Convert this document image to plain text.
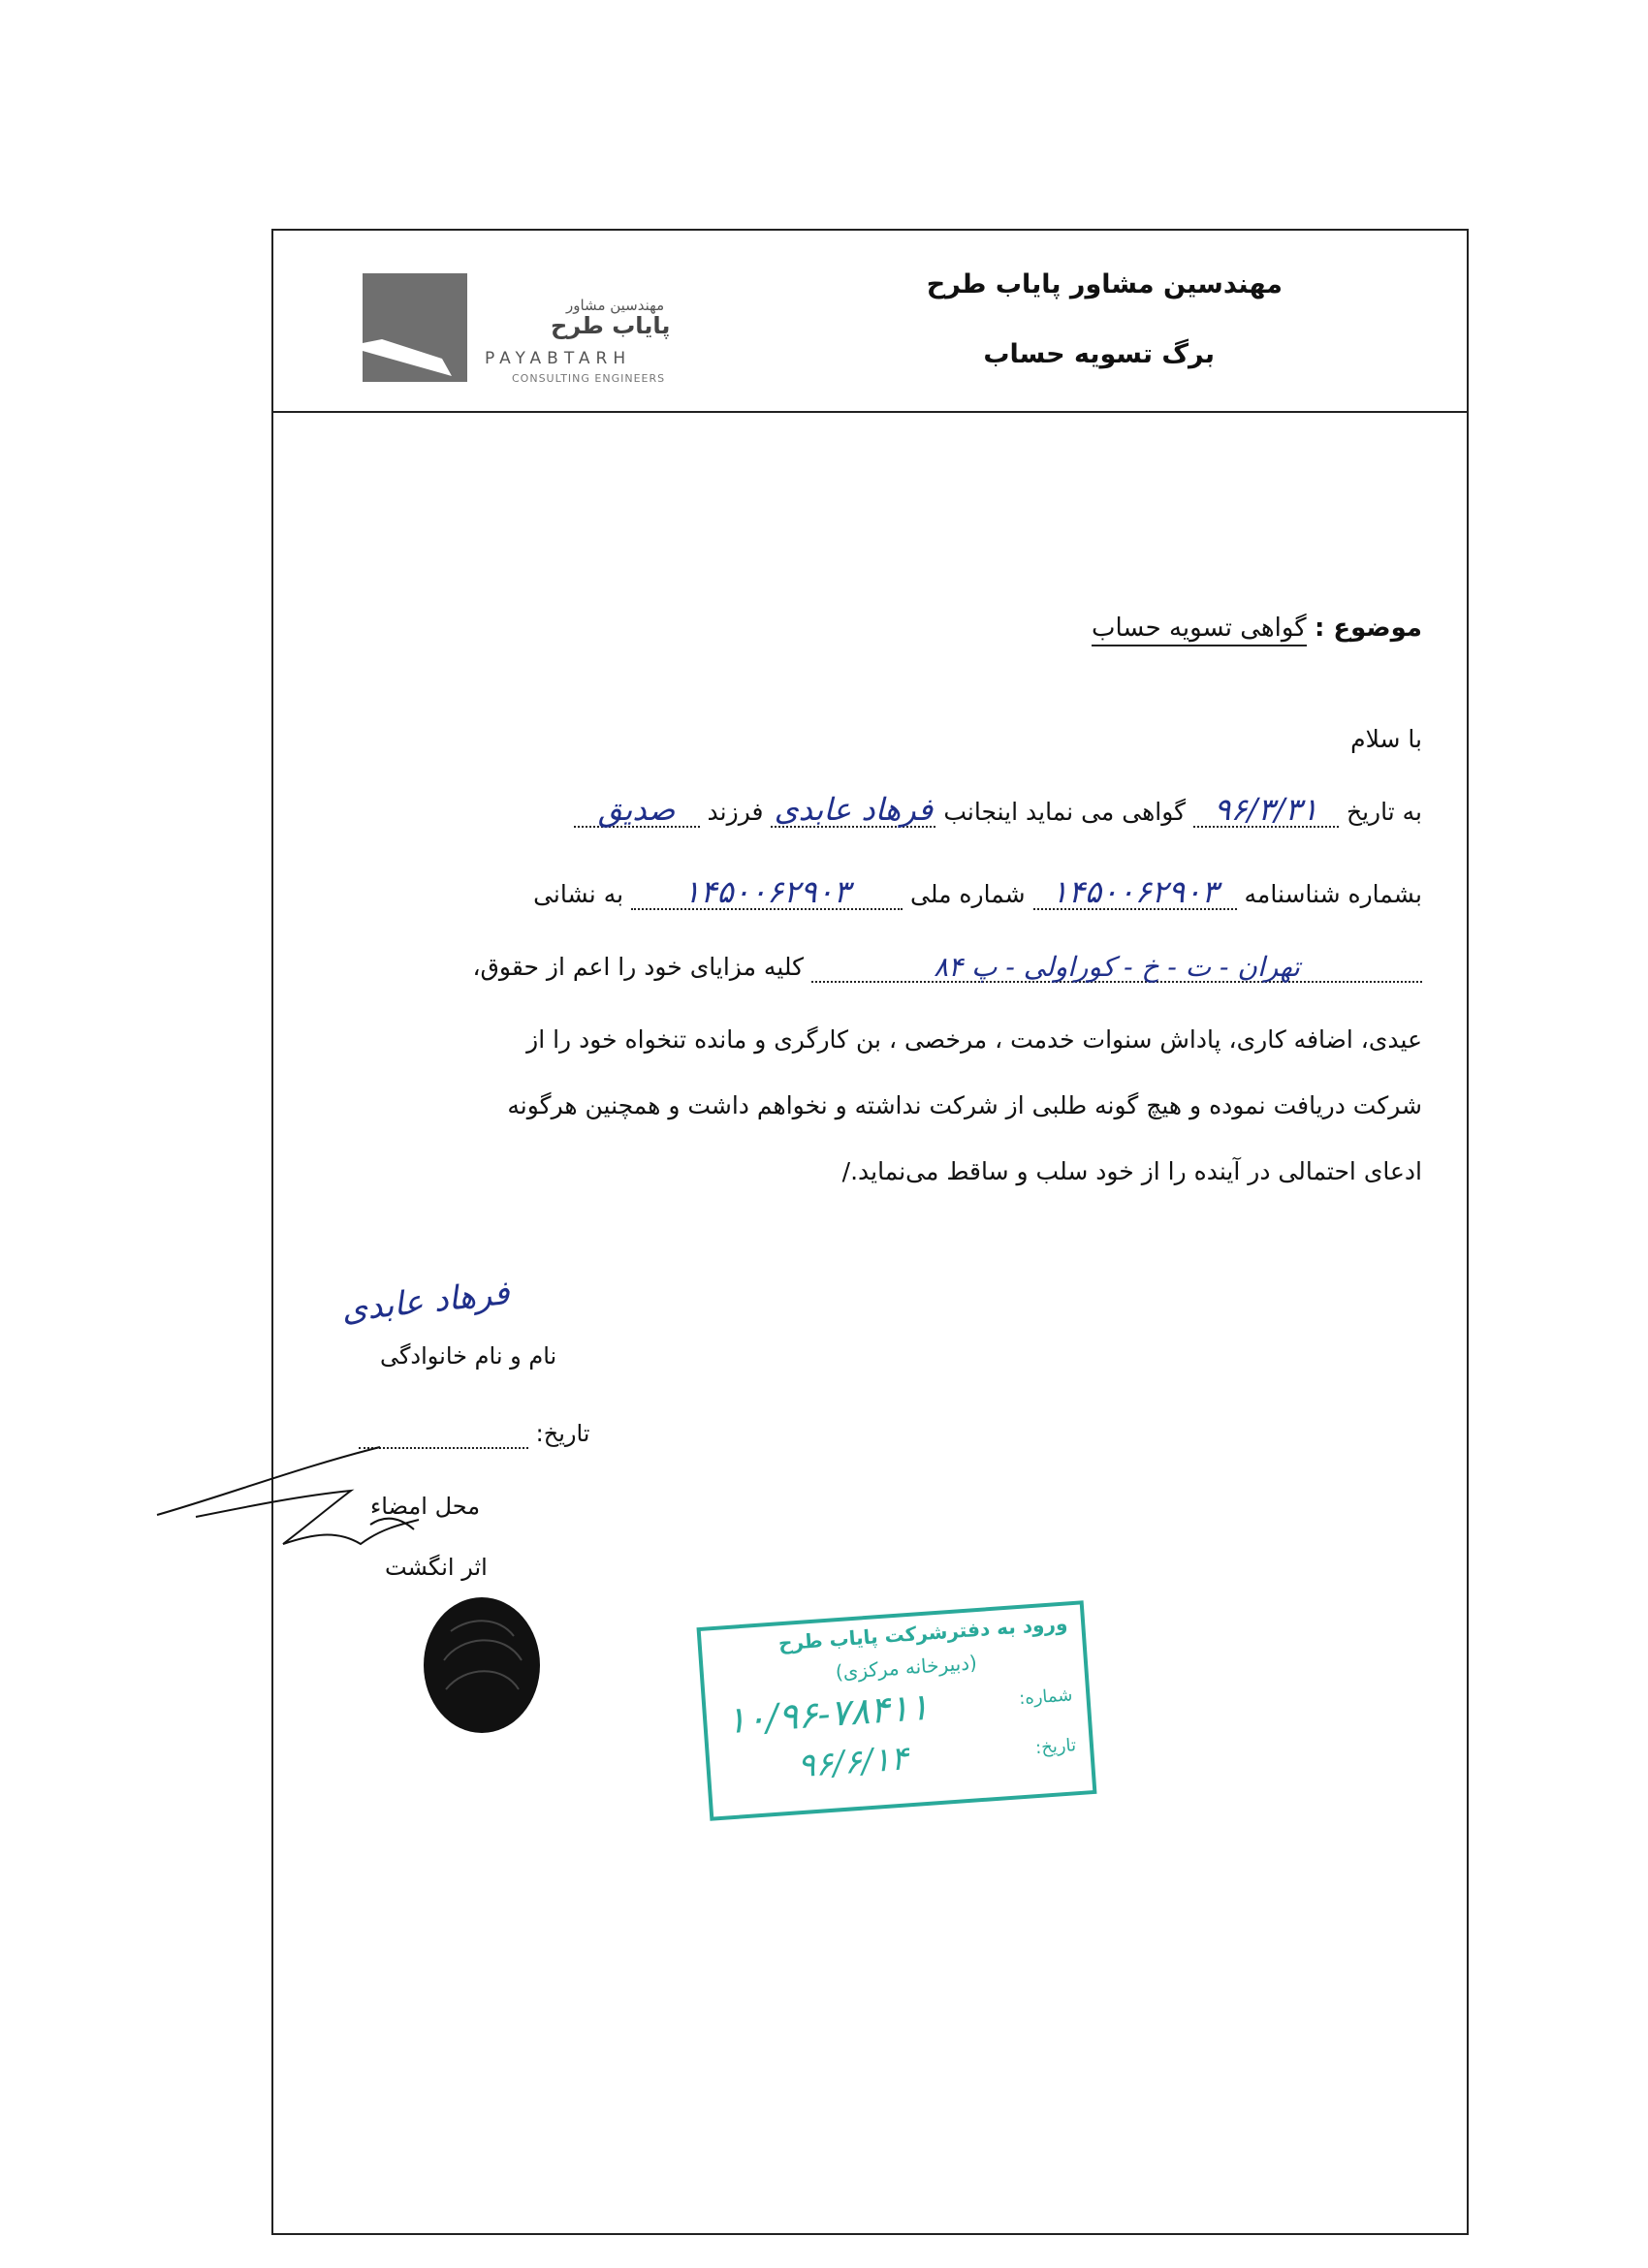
مهندسین مشاور پایاب طرح
برگ تسویه حساب
مهندسین مشاور
پایاب طرح
PAYABTARH
CONSULTING ENGINEERS
موضوع : گواهی تسویه حساب
با سلام
به تاریخ
۹۶/۳/۳۱
گواهی می نماید اینجانب
فرهاد عابدی
فرزند
صدیق

بشماره شناسنامه
۱۴۵۰۰۶۲۹۰۳
شماره ملی
۱۴۵۰۰۶۲۹۰۳
به نشانی
تهران - ت - خ - کوراولی - پ ۸۴
کلیه مزایای خود را اعم از حقوق،
عیدی، اضافه کاری، پاداش سنوات خدمت ، مرخصی ، بن کارگری و مانده تنخواه خود را از
شرکت دریافت نموده و هیچ گونه طلبی از شرکت نداشته و نخواهم داشت و همچنین هرگونه
ادعای احتمالی در آینده را از خود سلب و ساقط می‌نماید./
فرهاد عابدی
نام و نام خانوادگی
تاریخ:
محل امضاء
اثر انگشت
ورود به دفترشرکت پایاب طرح
(دبیرخانه مرکزی)
شماره:
۱۰/۹۶-۷۸۴۱۱
تاریخ:
۹۶/۶/۱۴
